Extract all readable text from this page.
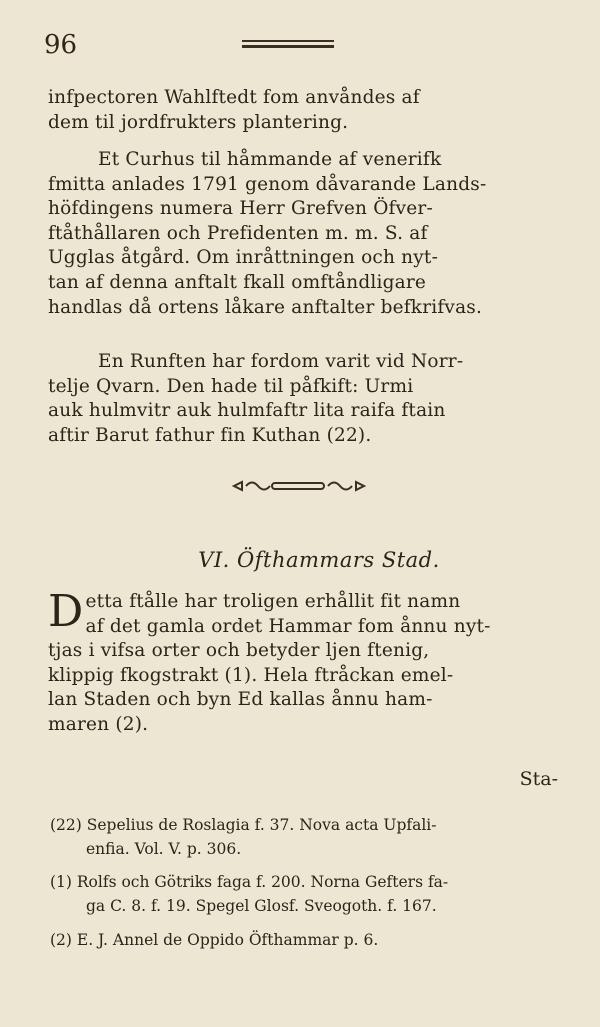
96
infpectoren Wahlftedt fom anvåndes af
dem til jordfrukters plantering.
Et Curhus til håmmande af venerifk
fmitta anlades 1791 genom dåvarande Lands-
höfdingens numera Herr Grefven Öfver-
ftåthållaren och Prefidenten m. m. S. af
Ugglas åtgård. Om inråttningen och nyt-
tan af denna anftalt fkall omftåndligare
handlas då ortens låkare anftalter befkrifvas.
En Runften har fordom varit vid Norr-
telje Qvarn. Den hade til påfkift: Urmi
auk hulmvitr auk hulmfaftr lita raifa ftain
aftir Barut fathur fin Kuthan (22).
VI. Öfthammars Stad.
D etta ftålle har troligen erhållit fit namn
af det gamla ordet Hammar fom ånnu nyt-
tjas i vifsa orter och betyder ljen ftenig,
klippig fkogstrakt (1). Hela ftråckan emel-
lan Staden och byn Ed kallas ånnu ham-
maren (2).
Sta-
(22) Sepelius de Roslagia f. 37. Nova acta Upfali-
enfia. Vol. V. p. 306.
(1) Rolfs och Götriks faga f. 200. Norna Gefters fa-
ga C. 8. f. 19. Spegel Glosf. Sveogoth. f. 167.
(2) E. J. Annel de Oppido Öfthammar p. 6.
